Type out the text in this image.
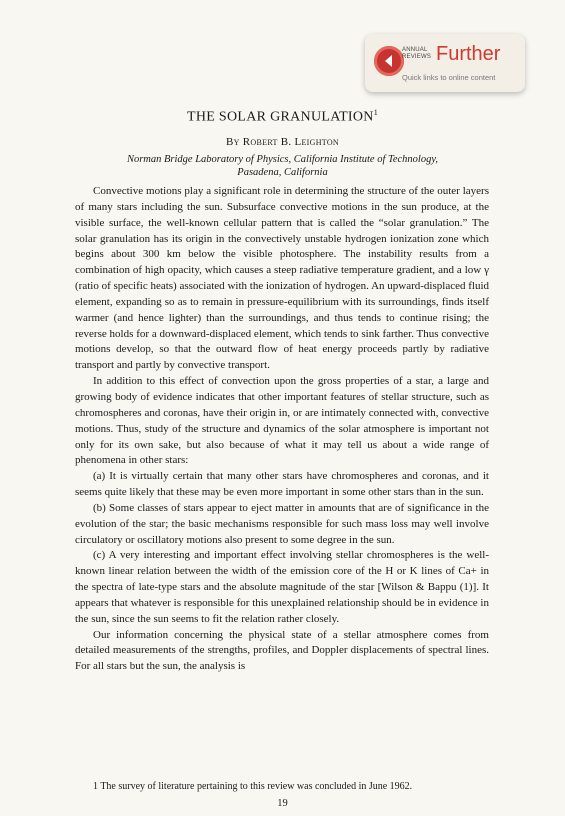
ANNUAL
REVIEWS Further
Quick links to online content
THE SOLAR GRANULATION$^1$
By Robert B. Leighton
Norman Bridge Laboratory of Physics, California Institute of Technology,
Pasadena, California

Convective motions play a significant role in determining the structure of the outer layers of many stars including the sun. Subsurface convective motions in the sun produce, at the visible surface, the well-known cellular pattern that is called the “solar granulation.” The solar granulation has its origin in the convectively unstable hydrogen ionization zone which begins about 300 km below the visible photosphere. The instability results from a combination of high opacity, which causes a steep radiative temperature gradient, and a low γ (ratio of specific heats) associated with the ionization of hydrogen. An upward-displaced fluid element, expanding so as to remain in pressure-equilibrium with its surroundings, finds itself warmer (and hence lighter) than the surroundings, and thus tends to continue rising; the reverse holds for a downward-displaced element, which tends to sink farther. Thus convective motions develop, so that the outward flow of heat energy proceeds partly by radiative transport and partly by convective transport.

In addition to this effect of convection upon the gross properties of a star, a large and growing body of evidence indicates that other important features of stellar structure, such as chromospheres and coronas, have their origin in, or are intimately connected with, convective motions. Thus, study of the structure and dynamics of the solar atmosphere is important not only for its own sake, but also because of what it may tell us about a wide range of phenomena in other stars:

(a) It is virtually certain that many other stars have chromospheres and coronas, and it seems quite likely that these may be even more important in some other stars than in the sun.

(b) Some classes of stars appear to eject matter in amounts that are of significance in the evolution of the star; the basic mechanisms responsible for such mass loss may well involve circulatory or oscillatory motions also present to some degree in the sun.

(c) A very interesting and important effect involving stellar chromospheres is the well-known linear relation between the width of the emission core of the H or K lines of Ca+ in the spectra of late-type stars and the absolute magnitude of the star [Wilson & Bappu (1)]. It appears that whatever is responsible for this unexplained relationship should be in evidence in the sun, since the sun seems to fit the relation rather closely.

Our information concerning the physical state of a stellar atmosphere comes from detailed measurements of the strengths, profiles, and Doppler displacements of spectral lines. For all stars but the sun, the analysis is

1 The survey of literature pertaining to this review was concluded in June 1962.
19
